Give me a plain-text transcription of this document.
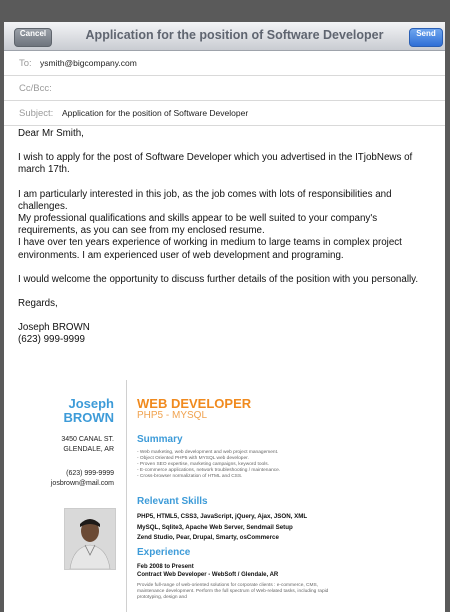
Cancel	Application for the position of Software Developer	Send
To: ysmith@bigcompany.com
Cc/Bcc:
Subject: Application for the position of Software Developer

Dear Mr Smith,

I wish to apply for the post of Software Developer which you advertised in the ITjobNews of march 17th.

I am particularly interested in this job, as the job comes with lots of responsibilities and challenges.

My professional qualifications and skills appear to be well suited to your company's requirements, as you can see from my enclosed resume.

I have over ten years experience of working in medium to large teams in complex project environments. I am experienced user of web development and programing.

I would welcome the opportunity to discuss further details of the position with you personally.

Regards,

Joseph BROWN

(623) 999-9999

Joseph
BROWN
3450 CANAL ST.
GLENDALE, AR
(623) 999-9999
josbrown@mail.com
WEB DEVELOPER
PHP5 - MYSQL
Summary
- Web marketing, web development and web project management.
- Object Oriented PHP5 with MYSQL web developer.
- Proven SEO expertise, marketing campaigns, keyword tools.
- E-commerce applications, network troubleshooting / maintenance.
- Cross-browser normalization of HTML and CSS.
Relevant Skills
PHP5, HTML5, CSS3, JavaScript, jQuery, Ajax, JSON, XML
MySQL, Sqlite3, Apache Web Server, Sendmail Setup
Zend Studio, Pear, Drupal, Smarty, osCommerce
Experience
Feb 2008 to Present
Contract Web Developer - WebSoft / Glendale, AR
Provide full-range of web-oriented solutions for corporate clients : e-commerce, CMS, maintenance development. Perform the full spectrum of Web-related tasks, including rapid prototyping, design and
